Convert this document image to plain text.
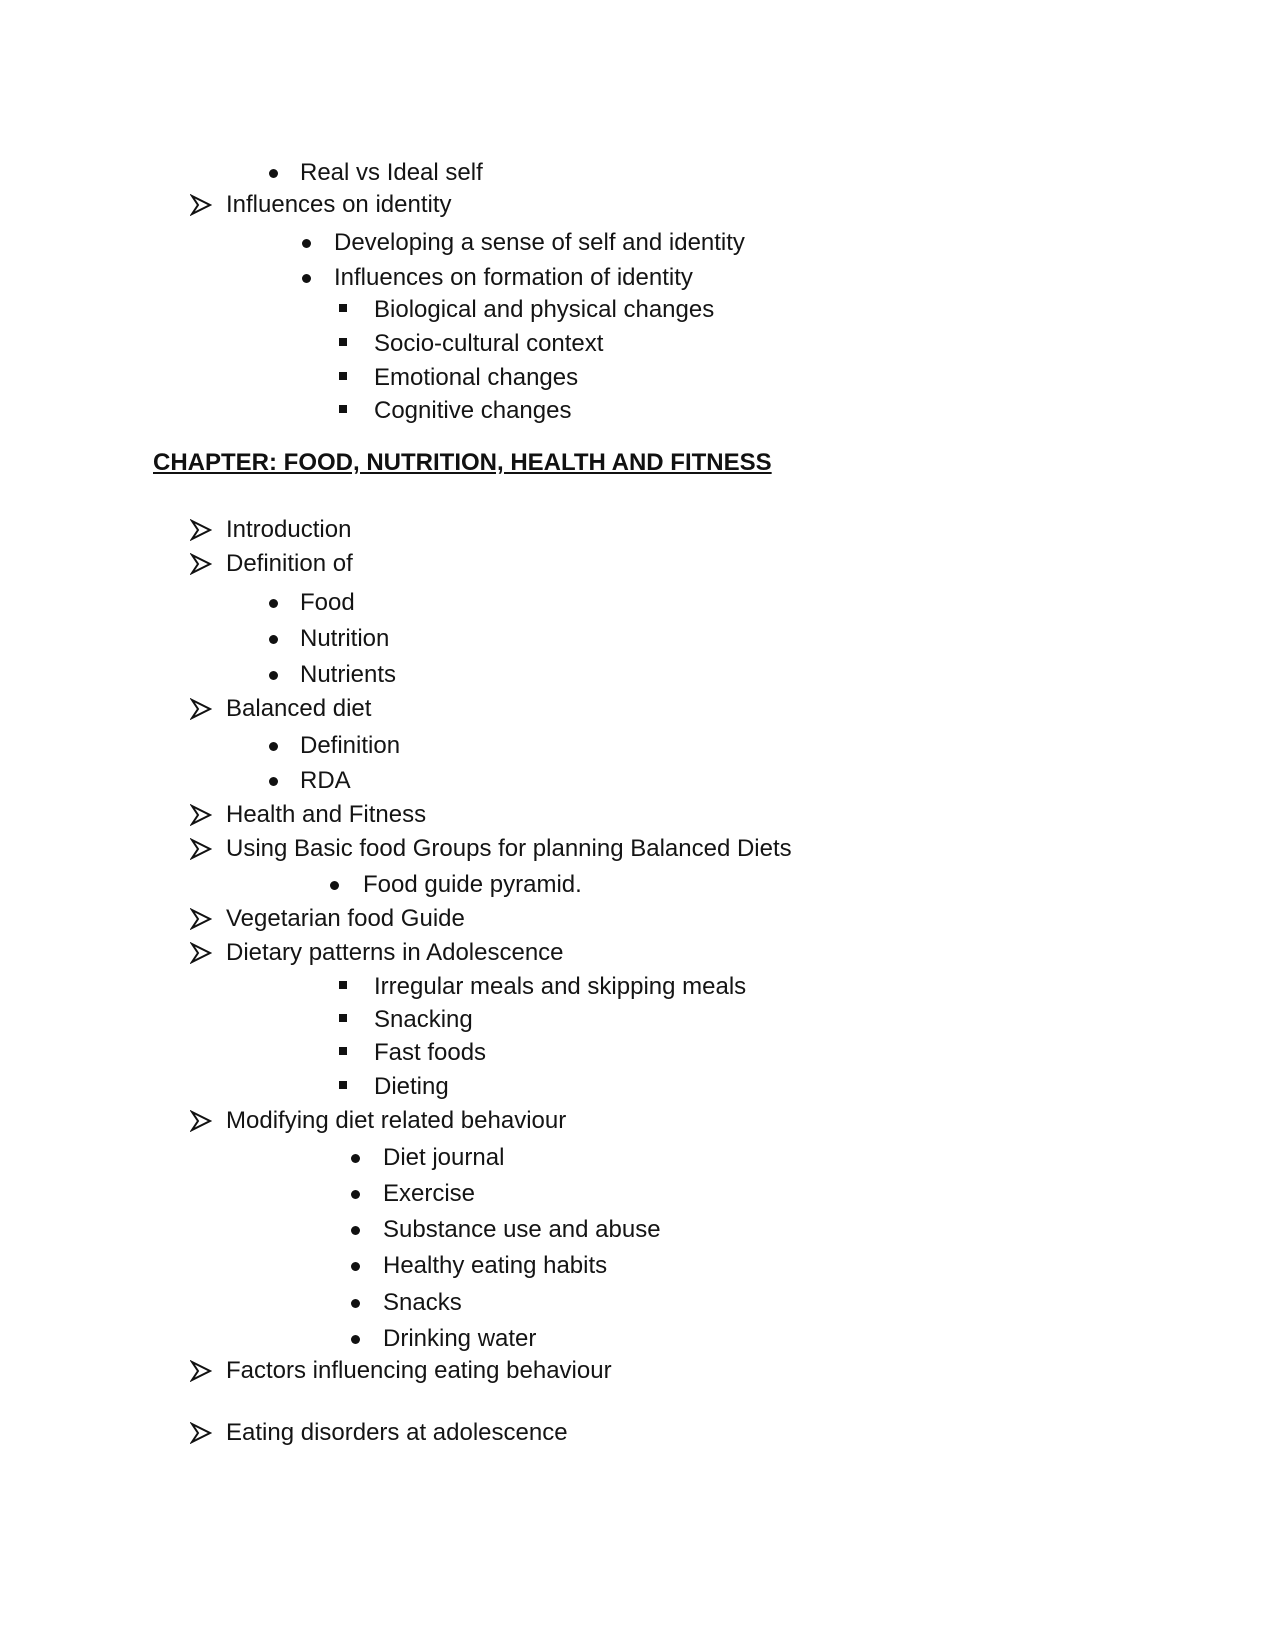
Real vs Ideal self
Influences on identity
Developing a sense of self and identity
Influences on formation of identity
Biological and physical changes
Socio-cultural context
Emotional changes
Cognitive changes
CHAPTER: FOOD, NUTRITION, HEALTH AND FITNESS
Introduction
Definition of
Food
Nutrition
Nutrients
Balanced diet
Definition
RDA
Health and Fitness
Using Basic food Groups for planning Balanced Diets
Food guide pyramid.
Vegetarian food Guide
Dietary patterns in Adolescence
Irregular meals and skipping meals
Snacking
Fast foods
Dieting
Modifying diet related behaviour
Diet journal
Exercise
Substance use and abuse
Healthy eating habits
Snacks
Drinking water
Factors influencing eating behaviour
Eating disorders at adolescence
